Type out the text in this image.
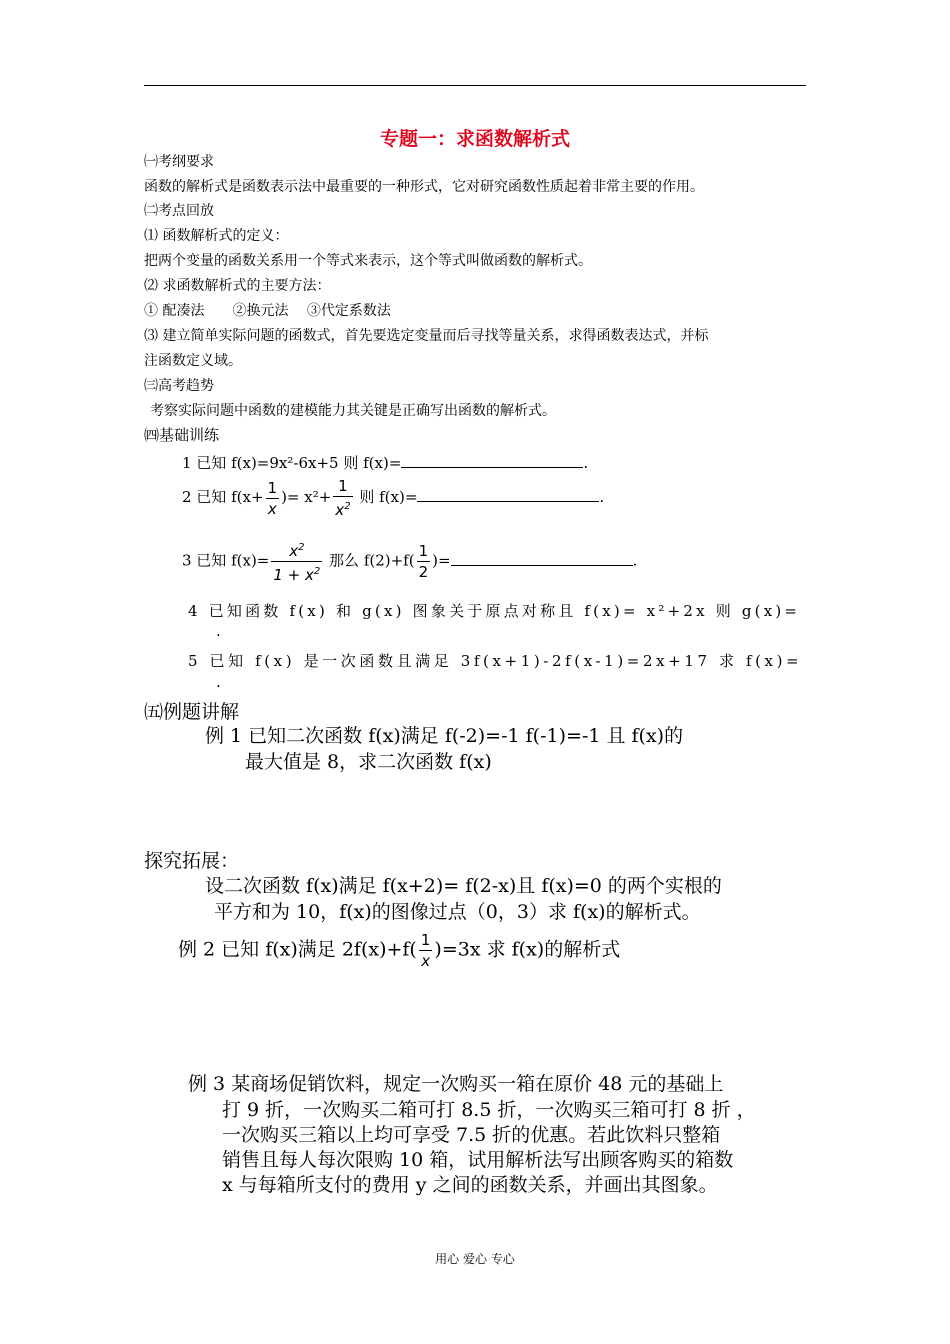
专题一：求函数解析式
㈠考纲要求
函数的解析式是函数表示法中最重要的一种形式，它对研究函数性质起着非常主要的作用。
㈡考点回放
⑴ 函数解析式的定义：
把两个变量的函数关系用一个等式来表示，这个等式叫做函数的解析式。
⑵ 求函数解析式的主要方法：
① 配凑法　　②换元法　 ③代定系数法
⑶ 建立简单实际问题的函数式，首先要选定变量而后寻找等量关系，求得函数表达式，并标
注函数定义域。
㈢高考趋势
考察实际问题中函数的建模能力其关键是正确写出函数的解析式。
㈣基础训练
1 已知 f(x)=9x²-6x+5 则 f(x)=	.
2 已知 $f(x+ \frac{1}{x}$ )= $x^2+ \frac{1}{x^2}$ 则 f(x)=	.
3 已知 $f(x)= \frac{x^2}{1 + x^2}$ 那么 $f(2)+f( \frac{1}{2}$ )=	.
4 已知函数 f(x) 和 g(x) 图象关于原点对称且 f(x)= x²+2x 则 g(x)=
.
5 已知 f(x) 是一次函数且满足 3f(x+1)-2f(x-1)=2x+17 求 f(x)=
.
㈤例题讲解
例 1 已知二次函数 f(x)满足 f(-2)=-1 f(-1)=-1 且 f(x)的
最大值是 8，求二次函数 f(x)
探究拓展：
设二次函数 f(x)满足 f(x+2)= f(2-x)且 f(x)=0 的两个实根的
平方和为 10，f(x)的图像过点（0，3）求 f(x)的解析式。
例 2 已知 f(x)满足 $2f(x)+f( \frac{1}{x} )=3x$ 求 f(x)的解析式
例 3 某商场促销饮料，规定一次购买一箱在原价 48 元的基础上
打 9 折，一次购买二箱可打 8.5 折，一次购买三箱可打 8 折 ，
一次购买三箱以上均可享受 7.5 折的优惠。若此饮料只整箱
销售且每人每次限购 10 箱，试用解析法写出顾客购买的箱数
x 与每箱所支付的费用 y 之间的函数关系，并画出其图象。
用心 爱心 专心
